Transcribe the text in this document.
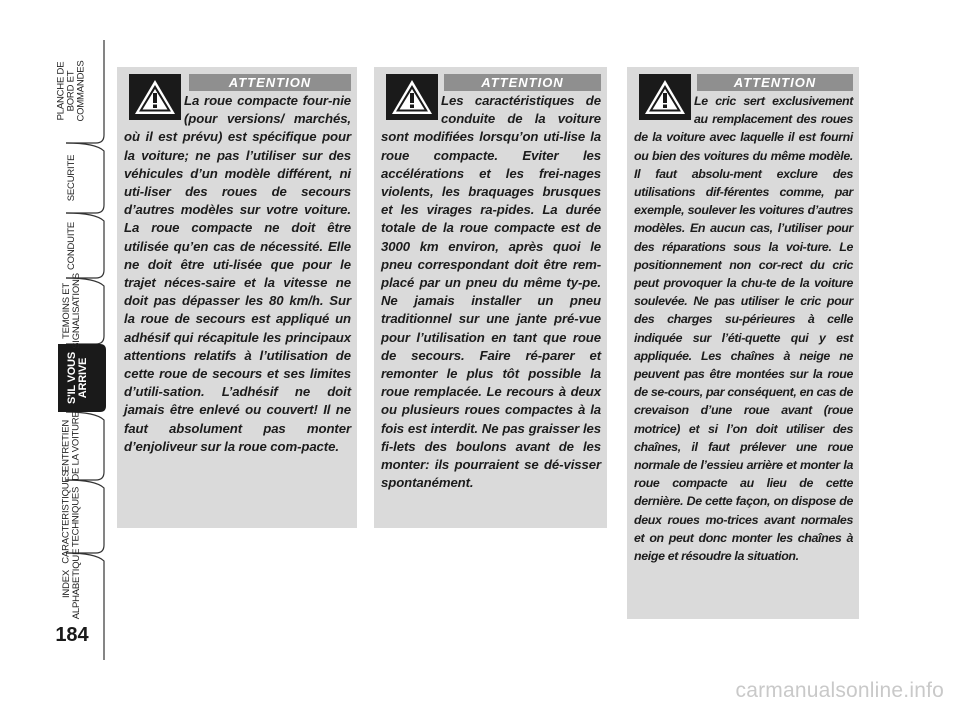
PLANCHE DE BORD ET COMMANDES
SECURITE
CONDUITE
TEMOINS ET SIGNALISATIONS
S'IL VOUS ARRIVE
ENTRETIEN DE LA VOITURE
CARACTERISTIQUES TECHNIQUES
INDEX ALPHABETIQUE
184
ATTENTION
La roue compacte four-nie (pour versions/ marchés, où il est prévu) est spécifique pour la voiture; ne pas l’utiliser sur des véhicules d’un modèle différent, ni uti-liser des roues de secours d’autres modèles sur votre voiture. La roue compacte ne doit être utilisée qu’en cas de nécessité. Elle ne doit être uti-lisée que pour le trajet néces-saire et la vitesse ne doit pas dépasser les 80 km/h. Sur la roue de secours est appliqué un adhésif qui récapitule les principaux attentions relatifs à l’utilisation de cette roue de secours et ses limites d’utili-sation. L’adhésif ne doit jamais être enlevé ou couvert! Il ne faut absolument pas monter d’enjoliveur sur la roue com-pacte.
ATTENTION
Les caractéristiques de conduite de la voiture sont modifiées lorsqu’on uti-lise la roue compacte. Eviter les accélérations et les frei-nages violents, les braquages brusques et les virages ra-pides. La durée totale de la roue compacte est de 3000 km environ, après quoi le pneu correspondant doit être rem-placé par un pneu du même ty-pe. Ne jamais installer un pneu traditionnel sur une jante pré-vue pour l’utilisation en tant que roue de secours. Faire ré-parer et remonter le plus tôt possible la roue remplacée. Le recours à deux ou plusieurs roues compactes à la fois est interdit. Ne pas graisser les fi-lets des boulons avant de les monter: ils pourraient se dé-visser spontanément.
ATTENTION
Le cric sert exclusivement au remplacement des roues de la voiture avec laquelle il est fourni ou bien des voitures du même modèle. Il faut absolu-ment exclure des utilisations dif-férentes comme, par exemple, soulever les voitures d’autres modèles. En aucun cas, l’utiliser pour des réparations sous la voi-ture. Le positionnement non cor-rect du cric peut provoquer la chu-te de la voiture soulevée. Ne pas utiliser le cric pour des charges su-périeures à celle indiquée sur l’éti-quette qui y est appliquée. Les chaînes à neige ne peuvent pas être montées sur la roue de se-cours, par conséquent, en cas de crevaison d’une roue avant (roue motrice) et si l’on doit utiliser des chaînes, il faut prélever une roue normale de l’essieu arrière et monter la roue compacte au lieu de cette dernière. De cette façon, on dispose de deux roues mo-trices avant normales et on peut donc monter les chaînes à neige et résoudre la situation.
carmanualsonline.info
